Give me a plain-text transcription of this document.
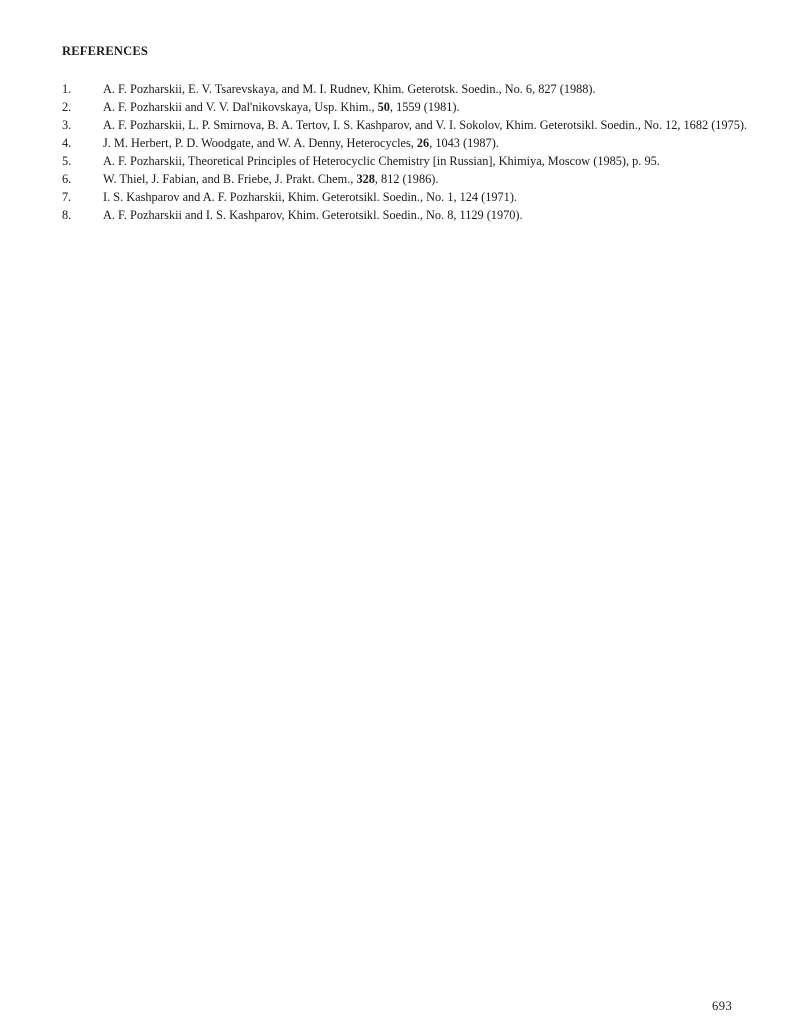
REFERENCES
1.	A. F. Pozharskii, E. V. Tsarevskaya, and M. I. Rudnev, Khim. Geterotsk. Soedin., No. 6, 827 (1988).
2.	A. F. Pozharskii and V. V. Dal'nikovskaya, Usp. Khim., 50, 1559 (1981).
3.	A. F. Pozharskii, L. P. Smirnova, B. A. Tertov, I. S. Kashparov, and V. I. Sokolov, Khim. Geterotsikl. Soedin., No. 12, 1682 (1975).
4.	J. M. Herbert, P. D. Woodgate, and W. A. Denny, Heterocycles, 26, 1043 (1987).
5.	A. F. Pozharskii, Theoretical Principles of Heterocyclic Chemistry [in Russian], Khimiya, Moscow (1985), p. 95.
6.	W. Thiel, J. Fabian, and B. Friebe, J. Prakt. Chem., 328, 812 (1986).
7.	I. S. Kashparov and A. F. Pozharskii, Khim. Geterotsikl. Soedin., No. 1, 124 (1971).
8.	A. F. Pozharskii and I. S. Kashparov, Khim. Geterotsikl. Soedin., No. 8, 1129 (1970).
693
